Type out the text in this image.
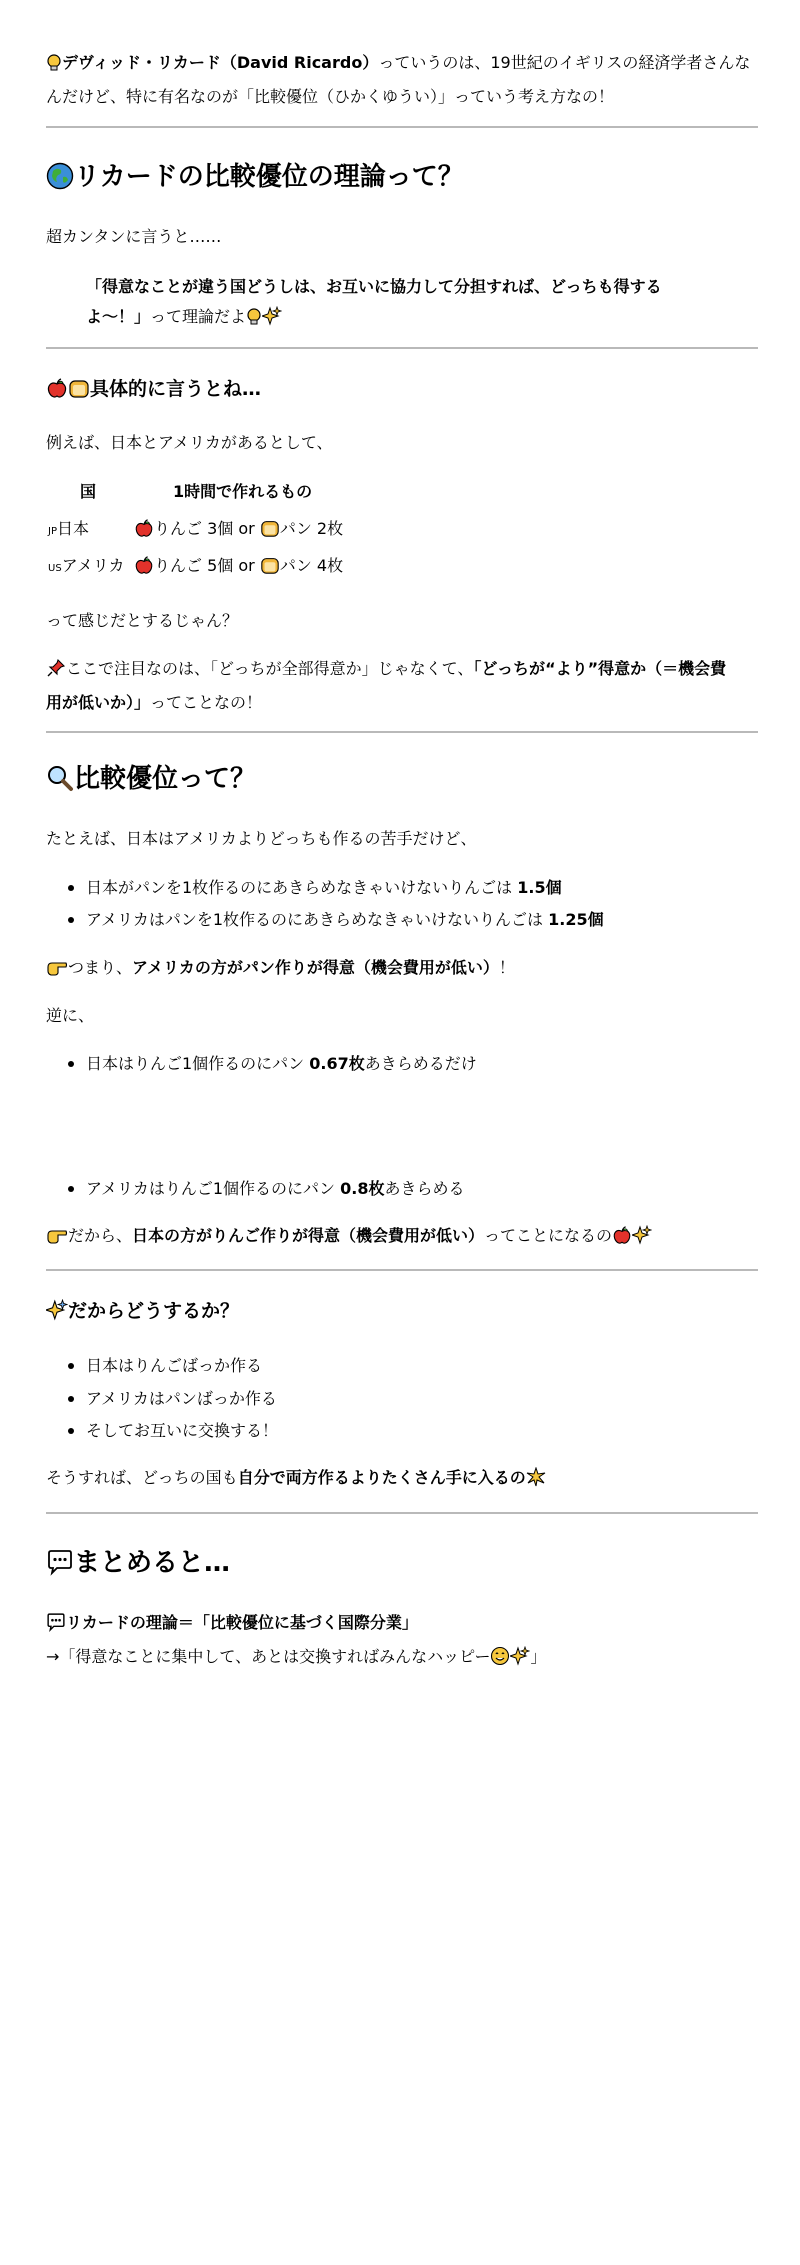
デヴィッド・リカード（David Ricardo）っていうのは、19世紀のイギリスの経済学者さんな
んだけど、特に有名なのが「比較優位（ひかくゆうい）」っていう考え方なの！

リカードの比較優位の理論って？
超カンタンに言うと……
「得意なことが違う国どうしは、お互いに協力して分担すれば、どっちも得する
よ〜！」って理論だよ
具体的に言うとね…
例えば、日本とアメリカがあるとして、
国	1時間で作れるもの
JP日本	りんご 3個 or パン 2枚
USアメリカ	りんご 5個 or パン 4枚
って感じだとするじゃん？

ここで注目なのは、「どっちが全部得意か」じゃなくて、「どっちが“より”得意か（＝機会費
用が低いか）」ってことなの！

比較優位って？
たとえば、日本はアメリカよりどっちも作るの苦手だけど、
日本がパンを1枚作るのにあきらめなきゃいけないりんごは 1.5個
アメリカはパンを1枚作るのにあきらめなきゃいけないりんごは 1.25個
つまり、アメリカの方がパン作りが得意（機会費用が低い）！
逆に、
日本はりんご1個作るのにパン 0.67枚あきらめるだけ
アメリカはりんご1個作るのにパン 0.8枚あきらめる
だから、日本の方がりんご作りが得意（機会費用が低い）ってことになるの
だからどうするか？
日本はりんごばっか作る
アメリカはパンばっか作る
そしてお互いに交換する！
そうすれば、どっちの国も自分で両方作るよりたくさん手に入るの
まとめると…
リカードの理論＝「比較優位に基づく国際分業」
→「得意なことに集中して、あとは交換すればみんなハッピー	」
